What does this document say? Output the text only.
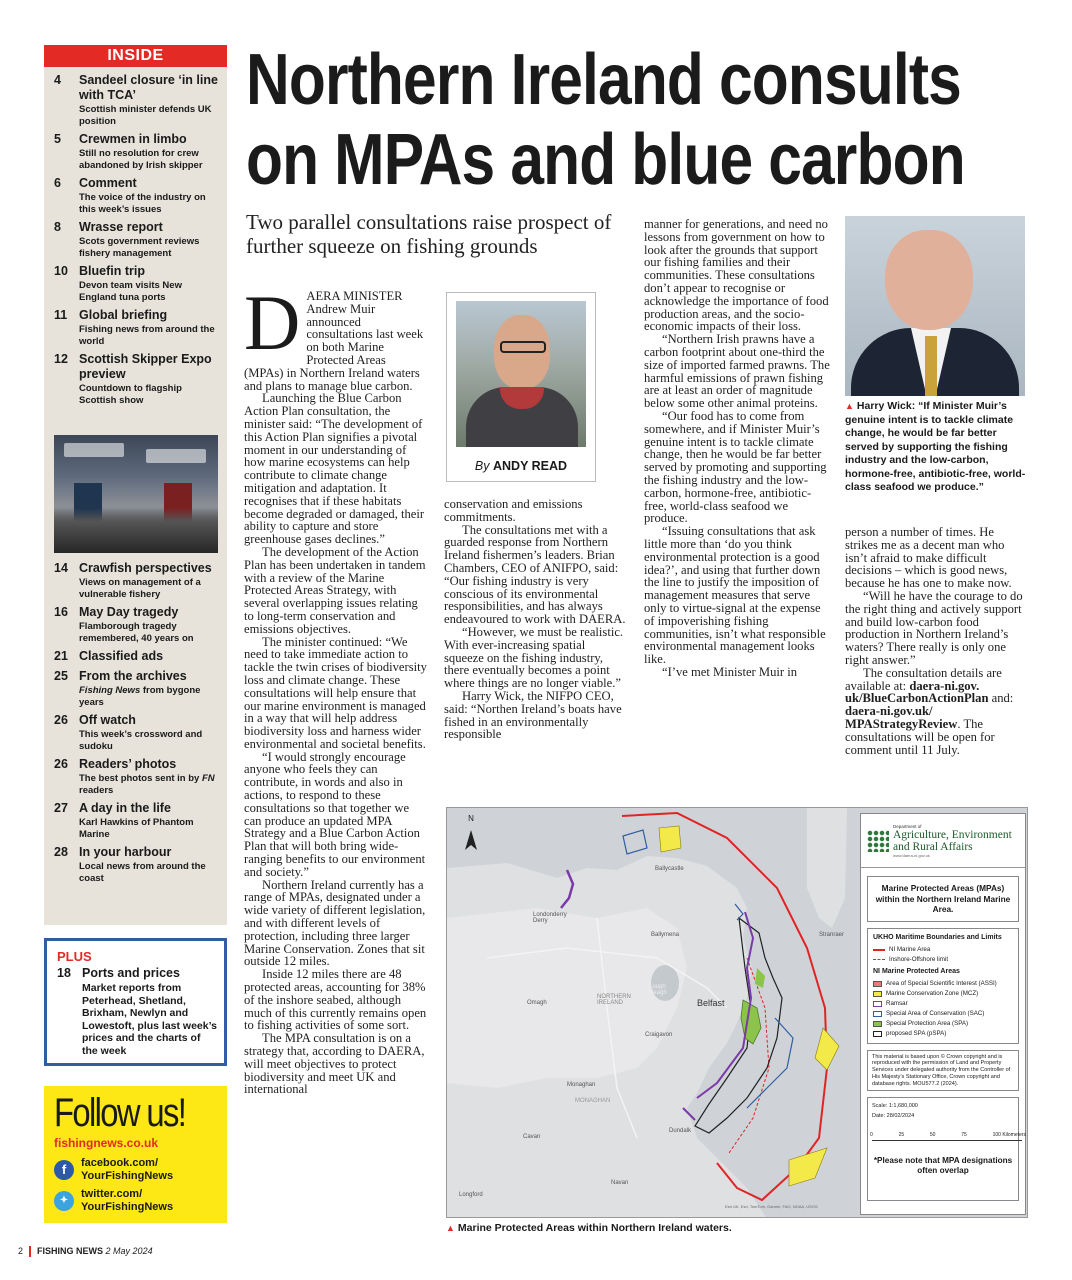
INSIDE
4	Sandeel closure ‘in line with TCA’
Scottish minister defends UK position
5	Crewmen in limbo
Still no resolution for crew abandoned by Irish skipper
6	Comment
The voice of the industry on this week’s issues
8	Wrasse report
Scots government reviews fishery management
10 Bluefin trip
Devon team visits New England tuna ports
11 Global briefing
Fishing news from around the world
12 Scottish Skipper Expo preview
Countdown to flagship Scottish show
14 Crawfish perspectives
Views on management of a vulnerable fishery
16 May Day tragedy
Flamborough tragedy remembered, 40 years on
21 Classified ads
25 From the archives
Fishing News from bygone years
26 Off watch
This week’s crossword and sudoku
26 Readers’ photos
The best photos sent in by FN readers
27 A day in the life
Karl Hawkins of Phantom Marine
28 In your harbour
Local news from around the coast
PLUS
18 Ports and prices
Market reports from Peterhead, Shetland, Brixham, Newlyn and Lowestoft, plus last week’s prices and the charts of the week
Follow us!
fishingnews.co.uk
f	facebook.com/ YourFishingNews
✦	twitter.com/ YourFishingNews
Northern Ireland consults
on MPAs and blue carbon
Two parallel consultations raise prospect of further squeeze on fishing grounds
D AERA MINISTER Andrew Muir announced consultations last week on both Marine Protected Areas (MPAs) in Northern Ireland waters and plans to manage blue carbon.

Launching the Blue Carbon Action Plan consultation, the minister said: “The development of this Action Plan signifies a pivotal moment in our understanding of how marine ecosystems can help contribute to climate change mitigation and adaptation. It recognises that if these habitats become degraded or damaged, their ability to capture and store greenhouse gases declines.”

The development of the Action Plan has been undertaken in tandem with a review of the Marine Protected Areas Strategy, with several overlapping issues relating to long-term conservation and emissions objectives.

The minister continued: “We need to take immediate action to tackle the twin crises of biodiversity loss and climate change. These consultations will help ensure that our marine environment is managed in a way that will help address biodiversity loss and harness wider environmental and societal benefits.

“I would strongly encourage anyone who feels they can contribute, in words and also in actions, to respond to these consultations so that together we can produce an updated MPA Strategy and a Blue Carbon Action Plan that will both bring wide-ranging benefits to our environment and society.”

Northern Ireland currently has a range of MPAs, designated under a wide variety of different legislation, and with different levels of protection, including three larger Marine Conservation. Zones that sit outside 12 miles.

Inside 12 miles there are 48 protected areas, accounting for 38% of the inshore seabed, although much of this currently remains open to fishing activities of some sort.

The MPA consultation is on a strategy that, according to DAERA, will meet objectives to protect biodiversity and meet UK and international

By ANDY READ

conservation and emissions commitments.

The consultations met with a guarded response from Northern Ireland fishermen’s leaders. Brian Chambers, CEO of ANIFPO, said: “Our fishing industry is very conscious of its environmental responsibilities, and has always endeavoured to work with DAERA.

“However, we must be realistic. With ever-increasing spatial squeeze on the fishing industry, there eventually becomes a point where things are no longer viable.”

Harry Wick, the NIFPO CEO, said: “Northen Ireland’s boats have fished in an environmentally responsible

manner for generations, and need no lessons from government on how to look after the grounds that support our fishing families and their communities. These consultations don’t appear to recognise or acknowledge the importance of food production areas, and the socio-economic impacts of their loss.

“Northern Irish prawns have a carbon footprint about one-third the size of imported farmed prawns. The harmful emissions of prawn fishing are at least an order of magnitude below some other animal proteins.

“Our food has to come from somewhere, and if Minister Muir’s genuine intent is to tackle climate change, then he would be far better served by promoting and supporting the fishing industry and the low-carbon, hormone-free, antibiotic-free, world-class seafood we produce.

“Issuing consultations that ask little more than ‘do you think environmental protection is a good idea?’, and using that further down the line to justify the imposition of management measures that serve only to virtue-signal at the expense of impoverishing fishing communities, isn’t what responsible environmental management looks like.

“I’ve met Minister Muir in

▲ Harry Wick: “If Minister Muir’s genuine intent is to tackle climate change, he would be far better served by supporting the fishing industry and the low-carbon, hormone-free, antibiotic-free, world-class seafood we produce.”

person a number of times. He strikes me as a decent man who isn’t afraid to make difficult decisions – which is good news, because he has one to make now.

“Will he have the courage to do the right thing and actively support and build low-carbon food production in Northern Ireland’s waters? There really is only one right answer.”

The consultation details are available at: daera-ni.gov. uk/BlueCarbonActionPlan and: daera-ni.gov.uk/ MPAStrategyReview. The consultations will be open for comment until 11 July.

N
Ballycastle
Londonderry Derry
Ballymena
Omagh
NORTHERN IRELAND
Lough Neagh
Belfast
Craigavon
Stranraer
Monaghan
MONAGHAN
Cavan
Dundalk
Longford
Navan
Esri UK, Esri, TomTom, Garmin, FAO, NOAA, USGS
Department of
Agriculture, Environment and Rural Affairs
www.daera-ni.gov.uk
Marine Protected Areas (MPAs) within the Northern Ireland Marine Area.
UKHO Maritime Boundaries and Limits
NI Marine Area
Inshore-Offshore limit
NI Marine Protected Areas
Area of Special Scientific Interest (ASSI)
Marine Conservation Zone (MCZ)
Ramsar
Special Area of Conservation (SAC)
Special Protection Area (SPA)
proposed SPA (pSPA)
This material is based upon © Crown copyright and is reproduced with the permission of Land and Property Services under delegated authority from the Controller of His Majesty’s Stationary Office, Crown copyright and database rights. MOU577.2 (2024).
Scale: 1:1,680,000
Date: 28/02/2024
0	25	50	75	100 Kilometers
*Please note that MPA designations often overlap
▲ Marine Protected Areas within Northern Ireland waters.
2 FISHING NEWS 2 May 2024
